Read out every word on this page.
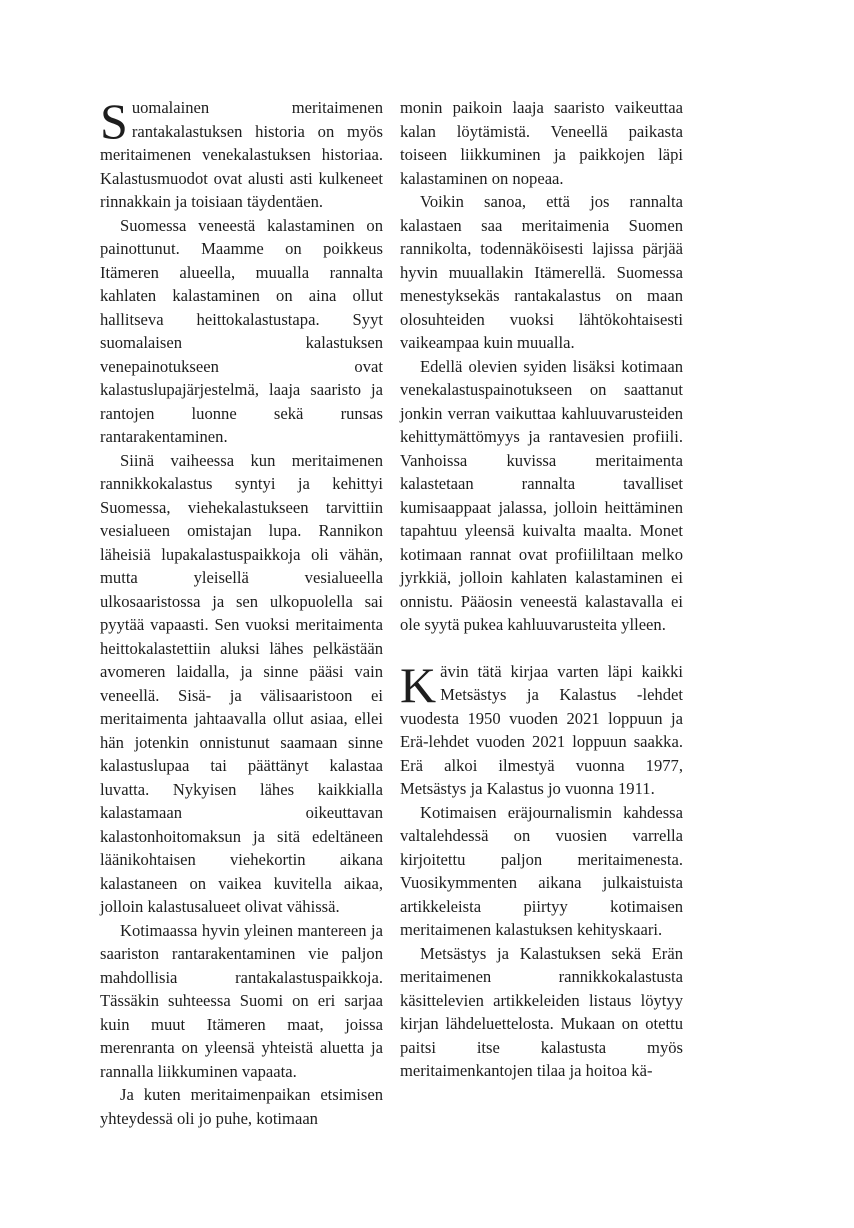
Suomalainen meritaimenen rantakalastuksen historia on myös meritaimenen venekalastuksen historiaa. Kalastusmuodot ovat alusti asti kulkeneet rinnakkain ja toisiaan täydentäen.

Suomessa veneestä kalastaminen on painottunut. Maamme on poikkeus Itämeren alueella, muualla rannalta kahlaten kalastaminen on aina ollut hallitseva heittokalastustapa. Syyt suomalaisen kalastuksen venepainotukseen ovat kalastuslupajärjestelmä, laaja saaristo ja rantojen luonne sekä runsas rantarakentaminen.

Siinä vaiheessa kun meritaimenen rannikkokalastus syntyi ja kehittyi Suomessa, viehekalastukseen tarvittiin vesialueen omistajan lupa. Rannikon läheisiä lupakalastuspaikkoja oli vähän, mutta yleisellä vesialueella ulkosaaristossa ja sen ulkopuolella sai pyytää vapaasti. Sen vuoksi meritaimenta heittokalastettiin aluksi lähes pelkästään avomeren laidalla, ja sinne pääsi vain veneellä. Sisä- ja välisaaristoon ei meritaimenta jahtaavalla ollut asiaa, ellei hän jotenkin onnistunut saamaan sinne kalastuslupaa tai päättänyt kalastaa luvatta. Nykyisen lähes kaikkialla kalastamaan oikeuttavan kalastonhoitomaksun ja sitä edeltäneen läänikohtaisen viehekortin aikana kalastaneen on vaikea kuvitella aikaa, jolloin kalastusalueet olivat vähissä.

Kotimaassa hyvin yleinen mantereen ja saariston rantarakentaminen vie paljon mahdollisia rantakalastuspaikkoja. Tässäkin suhteessa Suomi on eri sarjaa kuin muut Itämeren maat, joissa merenranta on yleensä yhteistä aluetta ja rannalla liikkuminen vapaata.

Ja kuten meritaimenpaikan etsimisen yhteydessä oli jo puhe, kotimaan

monin paikoin laaja saaristo vaikeuttaa kalan löytämistä. Veneellä paikasta toiseen liikkuminen ja paikkojen läpi kalastaminen on nopeaa.

Voikin sanoa, että jos rannalta kalastaen saa meritaimenia Suomen rannikolta, todennäköisesti lajissa pärjää hyvin muuallakin Itämerellä. Suomessa menestyksekäs rantakalastus on maan olosuhteiden vuoksi lähtökohtaisesti vaikeampaa kuin muualla.

Edellä olevien syiden lisäksi kotimaan venekalastuspainotukseen on saattanut jonkin verran vaikuttaa kahluuvarusteiden kehittymättömyys ja rantavesien profiili. Vanhoissa kuvissa meritaimenta kalastetaan rannalta tavalliset kumisaappaat jalassa, jolloin heittäminen tapahtuu yleensä kuivalta maalta. Monet kotimaan rannat ovat profiililtaan melko jyrkkiä, jolloin kahlaten kalastaminen ei onnistu. Pääosin veneestä kalastavalla ei ole syytä pukea kahluuvarusteita ylleen.

Kävin tätä kirjaa varten läpi kaikki Metsästys ja Kalastus -lehdet vuodesta 1950 vuoden 2021 loppuun ja Erä-lehdet vuoden 2021 loppuun saakka. Erä alkoi ilmestyä vuonna 1977, Metsästys ja Kalastus jo vuonna 1911.

Kotimaisen eräjournalismin kahdessa valtalehdessä on vuosien varrella kirjoitettu paljon meritaimenesta. Vuosikymmenten aikana julkaistuista artikkeleista piirtyy kotimaisen meritaimenen kalastuksen kehityskaari.

Metsästys ja Kalastuksen sekä Erän meritaimenen rannikkokalastusta käsittelevien artikkeleiden listaus löytyy kirjan lähdeluettelosta. Mukaan on otettu paitsi itse kalastusta myös meritaimenkantojen tilaa ja hoitoa kä-
